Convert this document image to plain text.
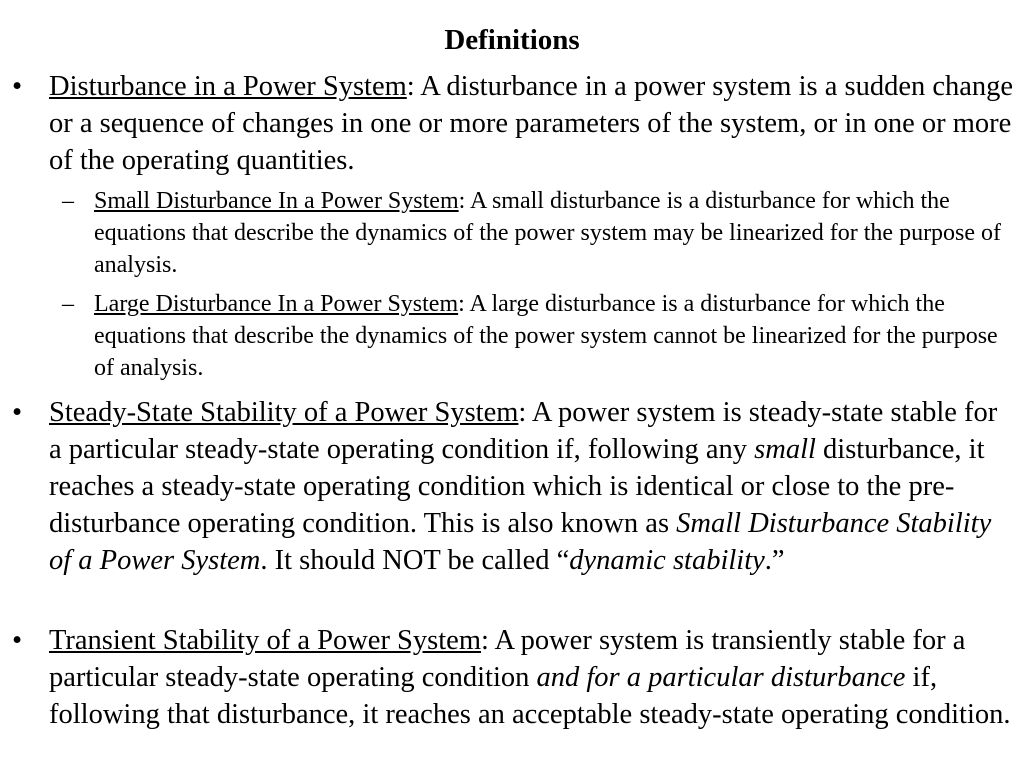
Definitions
• Disturbance in a Power System: A disturbance in a power system is a sudden change or a sequence of changes in one or more parameters of the system, or in one or more of the operating quantities.
– Small Disturbance In a Power System: A small disturbance is a disturbance for which the equations that describe the dynamics of the power system may be linearized for the purpose of analysis.
– Large Disturbance In a Power System: A large disturbance is a disturbance for which the equations that describe the dynamics of the power system cannot be linearized for the purpose of analysis.
• Steady-State Stability of a Power System: A power system is steady-state stable for a particular steady-state operating condition if, following any small disturbance, it reaches a steady-state operating condition which is identical or close to the pre-disturbance operating condition. This is also known as Small Disturbance Stability of a Power System. It should NOT be called “dynamic stability.”
• Transient Stability of a Power System: A power system is transiently stable for a particular steady-state operating condition and for a particular disturbance if, following that disturbance, it reaches an acceptable steady-state operating condition.
